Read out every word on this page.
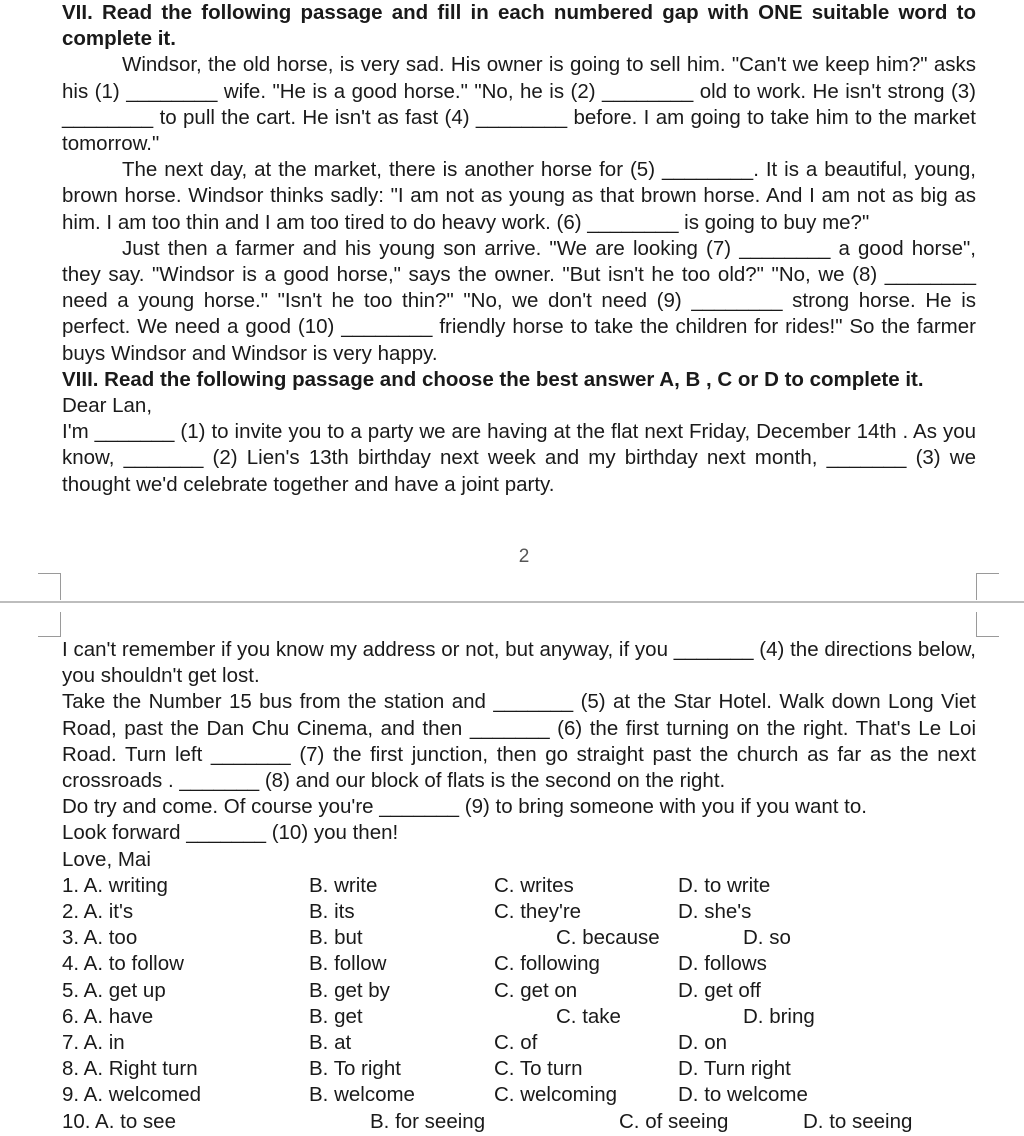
VII. Read the following passage and fill in each numbered gap with ONE suitable word to complete it.

Windsor, the old horse, is very sad. His owner is going to sell him. "Can't we keep him?" asks his (1) ________ wife. "He is a good horse." "No, he is (2) ________ old to work. He isn't strong (3) ________ to pull the cart. He isn't as fast (4) ________ before. I am going to take him to the market tomorrow."

The next day, at the market, there is another horse for (5) ________. It is a beautiful, young, brown horse. Windsor thinks sadly: "I am not as young as that brown horse. And I am not as big as him. I am too thin and I am too tired to do heavy work. (6) ________ is going to buy me?"

Just then a farmer and his young son arrive. "We are looking (7) ________ a good horse", they say. "Windsor is a good horse," says the owner. "But isn't he too old?" "No, we (8) ________ need a young horse." "Isn't he too thin?" "No, we don't need (9) ________ strong horse. He is perfect. We need a good (10) ________ friendly horse to take the children for rides!" So the farmer buys Windsor and Windsor is very happy.

VIII. Read the following passage and choose the best answer A, B , C or D to complete it.

Dear Lan,

I'm _______ (1) to invite you to a party we are having at the flat next Friday, December 14th . As you know, _______ (2) Lien's 13th birthday next week and my birthday next month, _______ (3) we thought we'd celebrate together and have a joint party.

2

I can't remember if you know my address or not, but anyway, if you _______ (4) the directions below, you shouldn't get lost.

Take the Number 15 bus from the station and _______ (5) at the Star Hotel. Walk down Long Viet Road, past the Dan Chu Cinema, and then _______ (6) the first turning on the right. That's Le Loi Road. Turn left _______ (7) the first junction, then go straight past the church as far as the next crossroads . _______ (8) and our block of flats is the second on the right.

Do try and come. Of course you're _______ (9) to bring someone with you if you want to.

Look forward _______ (10) you then!

Love, Mai

1. A. writing	B. write	C. writes	D. to write
2. A. it's	B. its	C. they're	D. she's
3. A. too	B. but	C. because	D. so
4. A. to follow	B. follow	C. following	D. follows
5. A. get up	B. get by	C. get on	D. get off
6. A. have	B. get	C. take	D. bring
7. A. in	B. at	C. of	D. on
8. A. Right turn	B. To right	C. To turn	D. Turn right
9. A. welcomed	B. welcome	C. welcoming	D. to welcome
10. A. to see	B. for seeing	C. of seeing	D. to seeing
